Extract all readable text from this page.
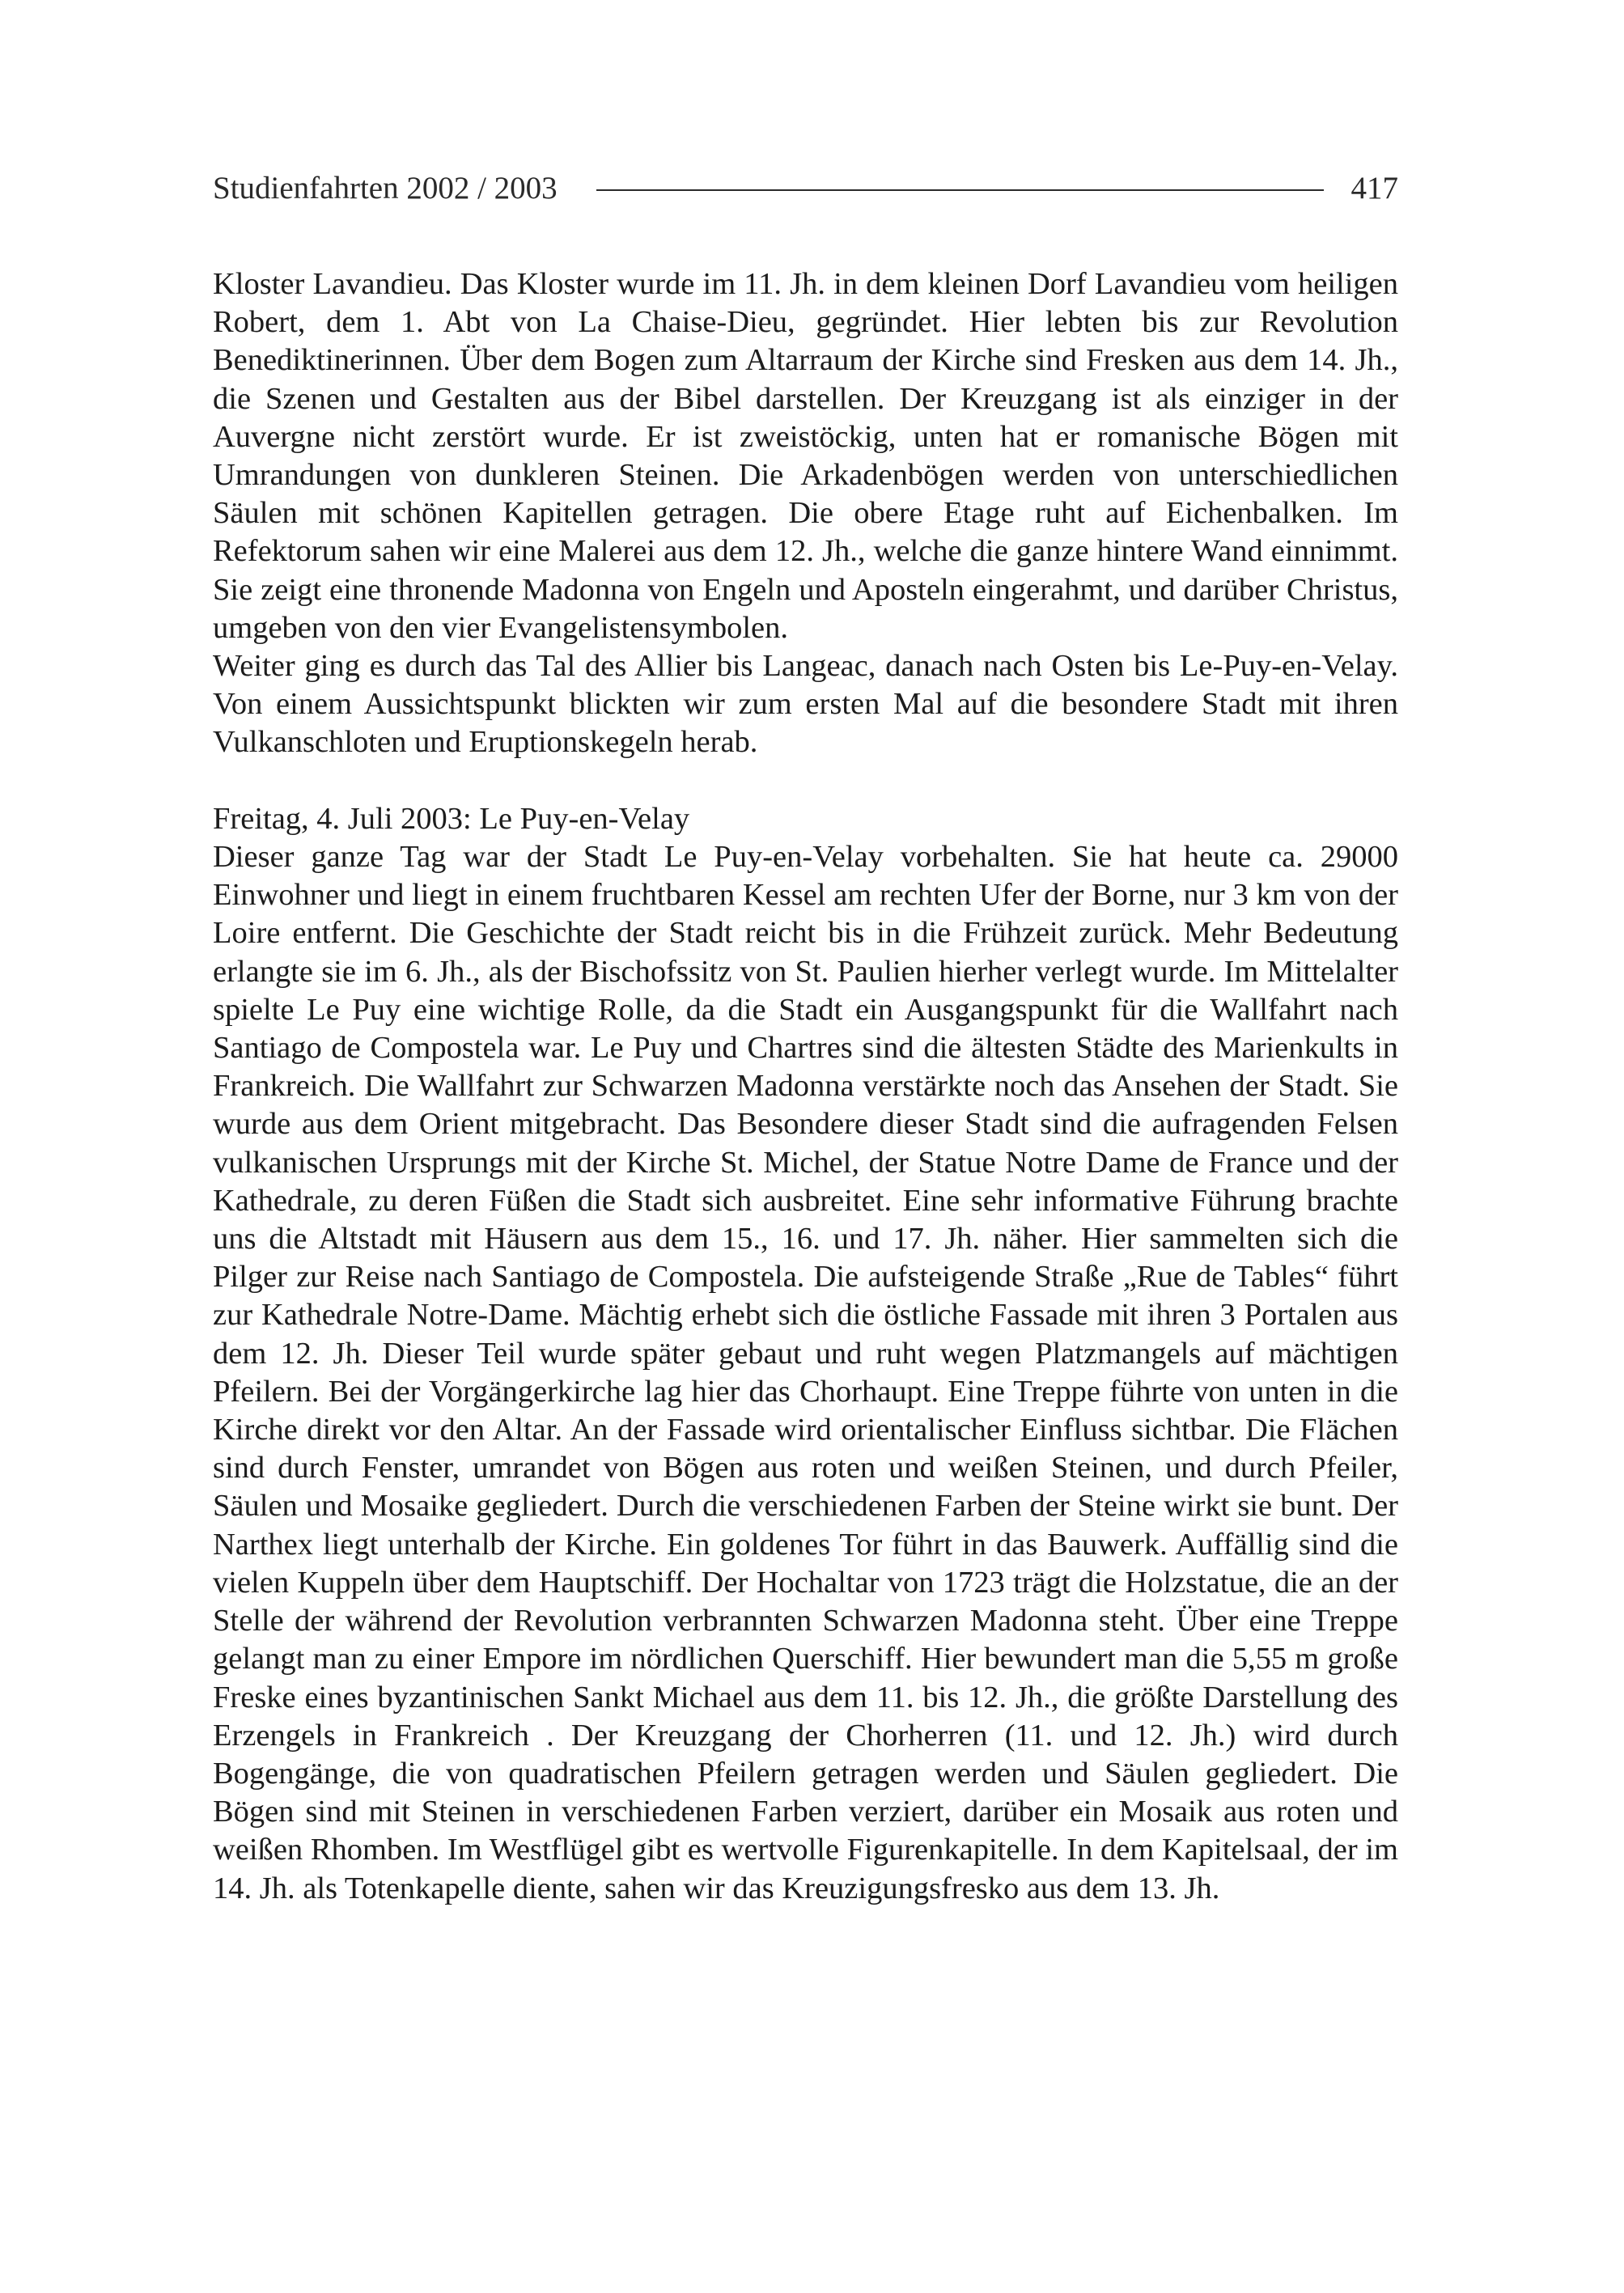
Studienfahrten 2002 / 2003	417

Kloster Lavandieu. Das Kloster wurde im 11. Jh. in dem kleinen Dorf Lavandieu vom heiligen Robert, dem 1. Abt von La Chaise-Dieu, gegründet. Hier lebten bis zur Revolution Benediktinerinnen. Über dem Bogen zum Altarraum der Kirche sind Fresken aus dem 14. Jh., die Szenen und Gestalten aus der Bibel darstellen. Der Kreuzgang ist als einziger in der Auvergne nicht zerstört wurde. Er ist zweistöckig, unten hat er romanische Bögen mit Umrandungen von dunkleren Steinen. Die Arkadenbögen werden von unterschiedlichen Säulen mit schönen Kapitellen getragen. Die obere Etage ruht auf Eichenbalken. Im Refektorum sahen wir eine Malerei aus dem 12. Jh., welche die ganze hintere Wand einnimmt. Sie zeigt eine thronende Madonna von Engeln und Aposteln eingerahmt, und darüber Christus, umgeben von den vier Evangelistensymbolen.

Weiter ging es durch das Tal des Allier bis Langeac, danach nach Osten bis Le-Puy-en-Velay. Von einem Aussichtspunkt blickten wir zum ersten Mal auf die besondere Stadt mit ihren Vulkanschloten und Eruptionskegeln herab.

Freitag, 4. Juli 2003: Le Puy-en-Velay

Dieser ganze Tag war der Stadt Le Puy-en-Velay vorbehalten. Sie hat heute ca. 29000 Einwohner und liegt in einem fruchtbaren Kessel am rechten Ufer der Borne, nur 3 km von der Loire entfernt. Die Geschichte der Stadt reicht bis in die Frühzeit zurück. Mehr Bedeutung erlangte sie im 6. Jh., als der Bischofssitz von St. Paulien hierher verlegt wurde. Im Mittelalter spielte Le Puy eine wichtige Rolle, da die Stadt ein Ausgangspunkt für die Wallfahrt nach Santiago de Compostela war. Le Puy und Chartres sind die ältesten Städte des Marienkults in Frankreich. Die Wallfahrt zur Schwarzen Madonna verstärkte noch das Ansehen der Stadt. Sie wurde aus dem Orient mitgebracht. Das Besondere dieser Stadt sind die aufragenden Felsen vulkanischen Ursprungs mit der Kirche St. Michel, der Statue Notre Dame de France und der Kathedrale, zu deren Füßen die Stadt sich ausbreitet. Eine sehr informative Führung brachte uns die Altstadt mit Häusern aus dem 15., 16. und 17. Jh. näher. Hier sammelten sich die Pilger zur Reise nach Santiago de Compostela. Die aufsteigende Straße „Rue de Tables“ führt zur Kathedrale Notre-Dame. Mächtig erhebt sich die östliche Fassade mit ihren 3 Portalen aus dem 12. Jh. Dieser Teil wurde später gebaut und ruht wegen Platzmangels auf mächtigen Pfeilern. Bei der Vorgängerkirche lag hier das Chorhaupt. Eine Treppe führte von unten in die Kirche direkt vor den Altar. An der Fassade wird orientalischer Einfluss sichtbar. Die Flächen sind durch Fenster, umrandet von Bögen aus roten und weißen Steinen, und durch Pfeiler, Säulen und Mosaike gegliedert. Durch die verschiedenen Farben der Steine wirkt sie bunt. Der Narthex liegt unterhalb der Kirche. Ein goldenes Tor führt in das Bauwerk. Auffällig sind die vielen Kuppeln über dem Hauptschiff. Der Hochaltar von 1723 trägt die Holzstatue, die an der Stelle der während der Revolution verbrannten Schwarzen Madonna steht. Über eine Treppe gelangt man zu einer Empore im nördlichen Querschiff. Hier bewundert man die 5,55 m große Freske eines byzantinischen Sankt Michael aus dem 11. bis 12. Jh., die größte Darstellung des Erzengels in Frankreich . Der Kreuzgang der Chorherren (11. und 12. Jh.) wird durch Bogengänge, die von quadratischen Pfeilern getragen werden und Säulen gegliedert. Die Bögen sind mit Steinen in verschiedenen Farben verziert, darüber ein Mosaik aus roten und weißen Rhomben. Im Westflügel gibt es wertvolle Figurenkapitelle. In dem Kapitelsaal, der im 14. Jh. als Totenkapelle diente, sahen wir das Kreuzigungsfresko aus dem 13. Jh.
